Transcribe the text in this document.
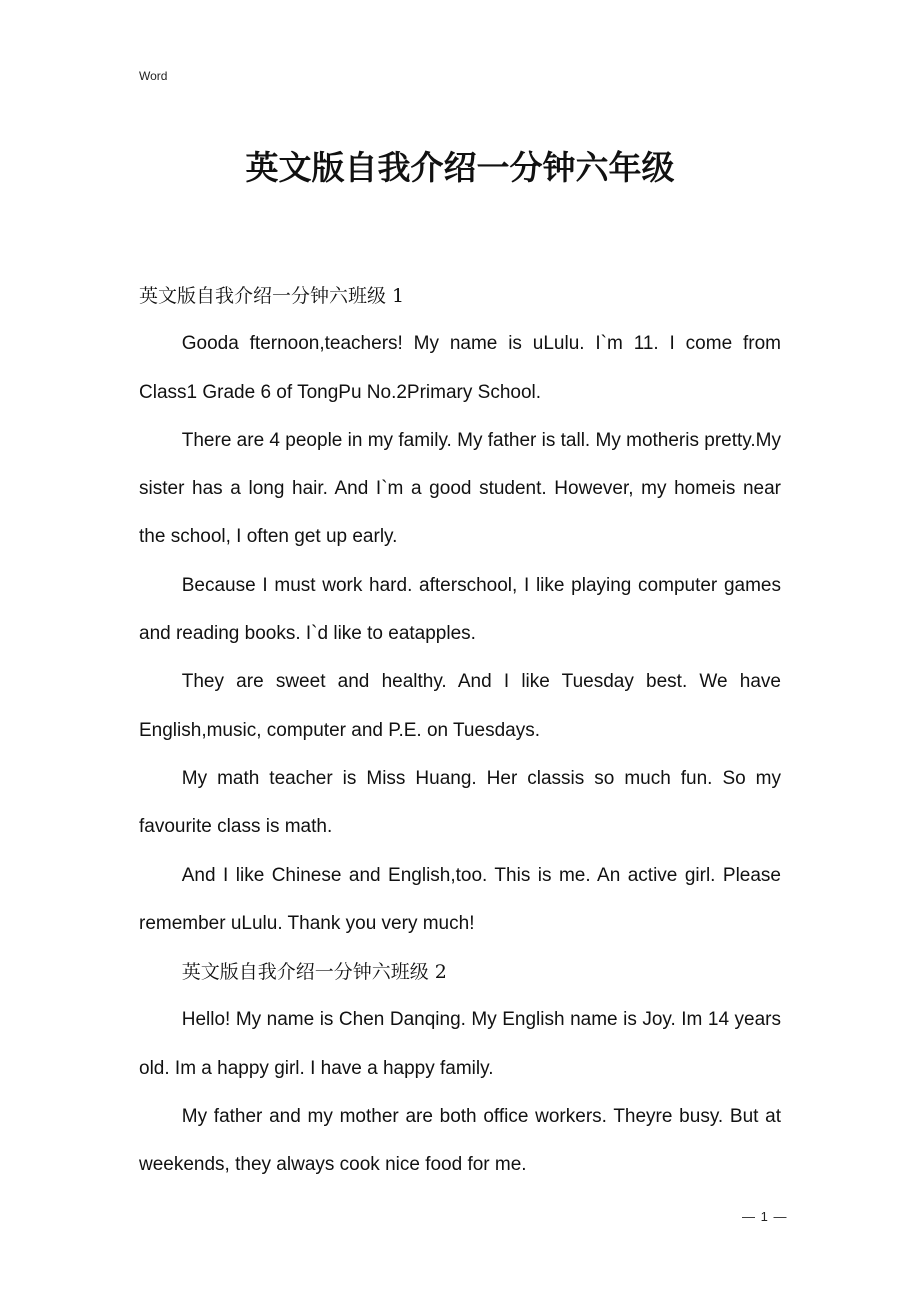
Word
英文版自我介绍一分钟六年级

英文版自我介绍一分钟六班级 1

Gooda fternoon,teachers! My name is uLulu. I`m 11. I come from Class1 Grade 6 of TongPu No.2Primary School.

There are 4 people in my family. My father is tall. My motheris pretty.My sister has a long hair. And I`m a good student. However, my homeis near the school, I often get up early.

Because I must work hard. afterschool, I like playing computer games and reading books. I`d like to eatapples.

They are sweet and healthy. And I like Tuesday best. We have English,music, computer and P.E. on Tuesdays.

My math teacher is Miss Huang. Her classis so much fun. So my favourite class is math.

And I like Chinese and English,too. This is me. An active girl. Please remember uLulu. Thank you very much!

英文版自我介绍一分钟六班级 2

Hello! My name is Chen Danqing. My English name is Joy. Im 14 years old. Im a happy girl. I have a happy family.

My father and my mother are both office workers. Theyre busy. But at weekends, they always cook nice food for me.

— 1 —
